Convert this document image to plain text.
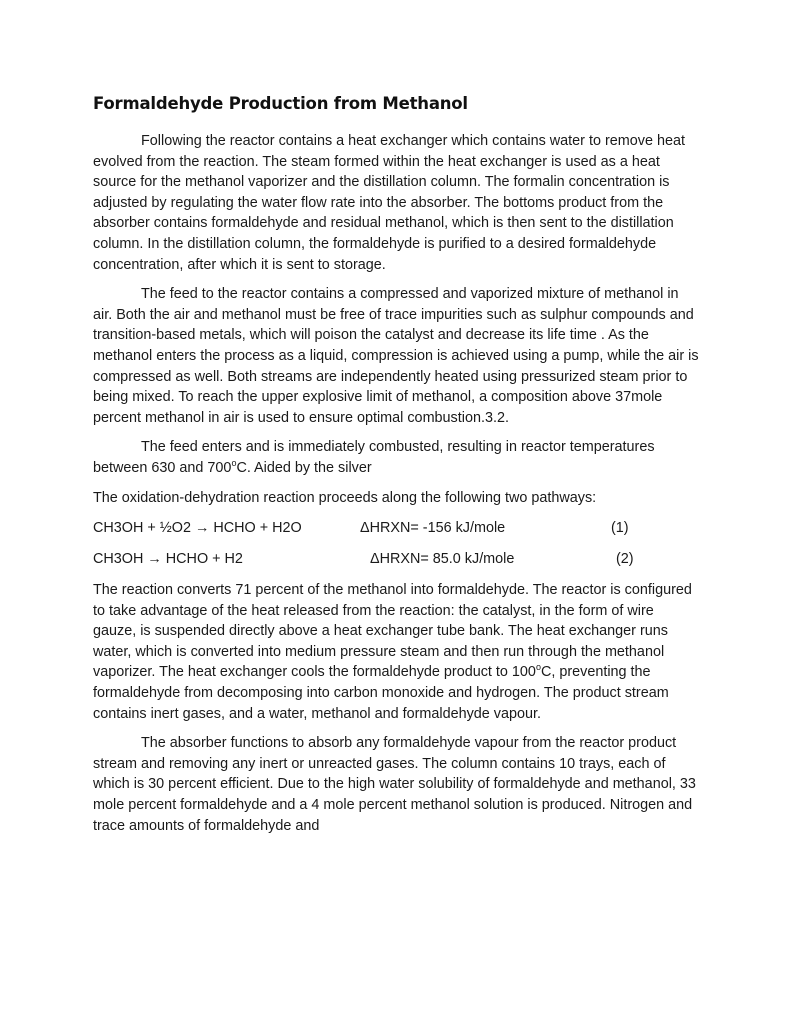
Formaldehyde Production from Methanol

Following the reactor contains a heat exchanger which contains water to remove heat evolved from the reaction. The steam formed within the heat exchanger is used as a heat source for the methanol vaporizer and the distillation column. The formalin concentration is adjusted by regulating the water flow rate into the absorber. The bottoms product from the absorber contains formaldehyde and residual methanol, which is then sent to the distillation column. In the distillation column, the formaldehyde is purified to a desired formaldehyde concentration, after which it is sent to storage.

The feed to the reactor contains a compressed and vaporized mixture of methanol in air. Both the air and methanol must be free of trace impurities such as sulphur compounds and transition-based metals, which will poison the catalyst and decrease its life time . As the methanol enters the process as a liquid, compression is achieved using a pump, while the air is compressed as well. Both streams are independently heated using pressurized steam prior to being mixed. To reach the upper explosive limit of methanol, a composition above 37mole percent methanol in air is used to ensure optimal combustion.3.2.

The feed enters and is immediately combusted, resulting in reactor temperatures between 630 and 700$^o$C. Aided by the silver

The oxidation-dehydration reaction proceeds along the following two pathways:

CH3OH + ½O2 → HCHO + H2O	ΔHRXN= -156 kJ/mole	(1)
CH3OH → HCHO + H2	ΔHRXN= 85.0 kJ/mole	(2)

The reaction converts 71 percent of the methanol into formaldehyde. The reactor is configured to take advantage of the heat released from the reaction: the catalyst, in the form of wire gauze, is suspended directly above a heat exchanger tube bank. The heat exchanger runs water, which is converted into medium pressure steam and then run through the methanol vaporizer. The heat exchanger cools the formaldehyde product to 100$^o$C, preventing the formaldehyde from decomposing into carbon monoxide and hydrogen. The product stream contains inert gases, and a water, methanol and formaldehyde vapour.

The absorber functions to absorb any formaldehyde vapour from the reactor product stream and removing any inert or unreacted gases. The column contains 10 trays, each of which is 30 percent efficient. Due to the high water solubility of formaldehyde and methanol, 33 mole percent formaldehyde and a 4 mole percent methanol solution is produced. Nitrogen and trace amounts of formaldehyde and
